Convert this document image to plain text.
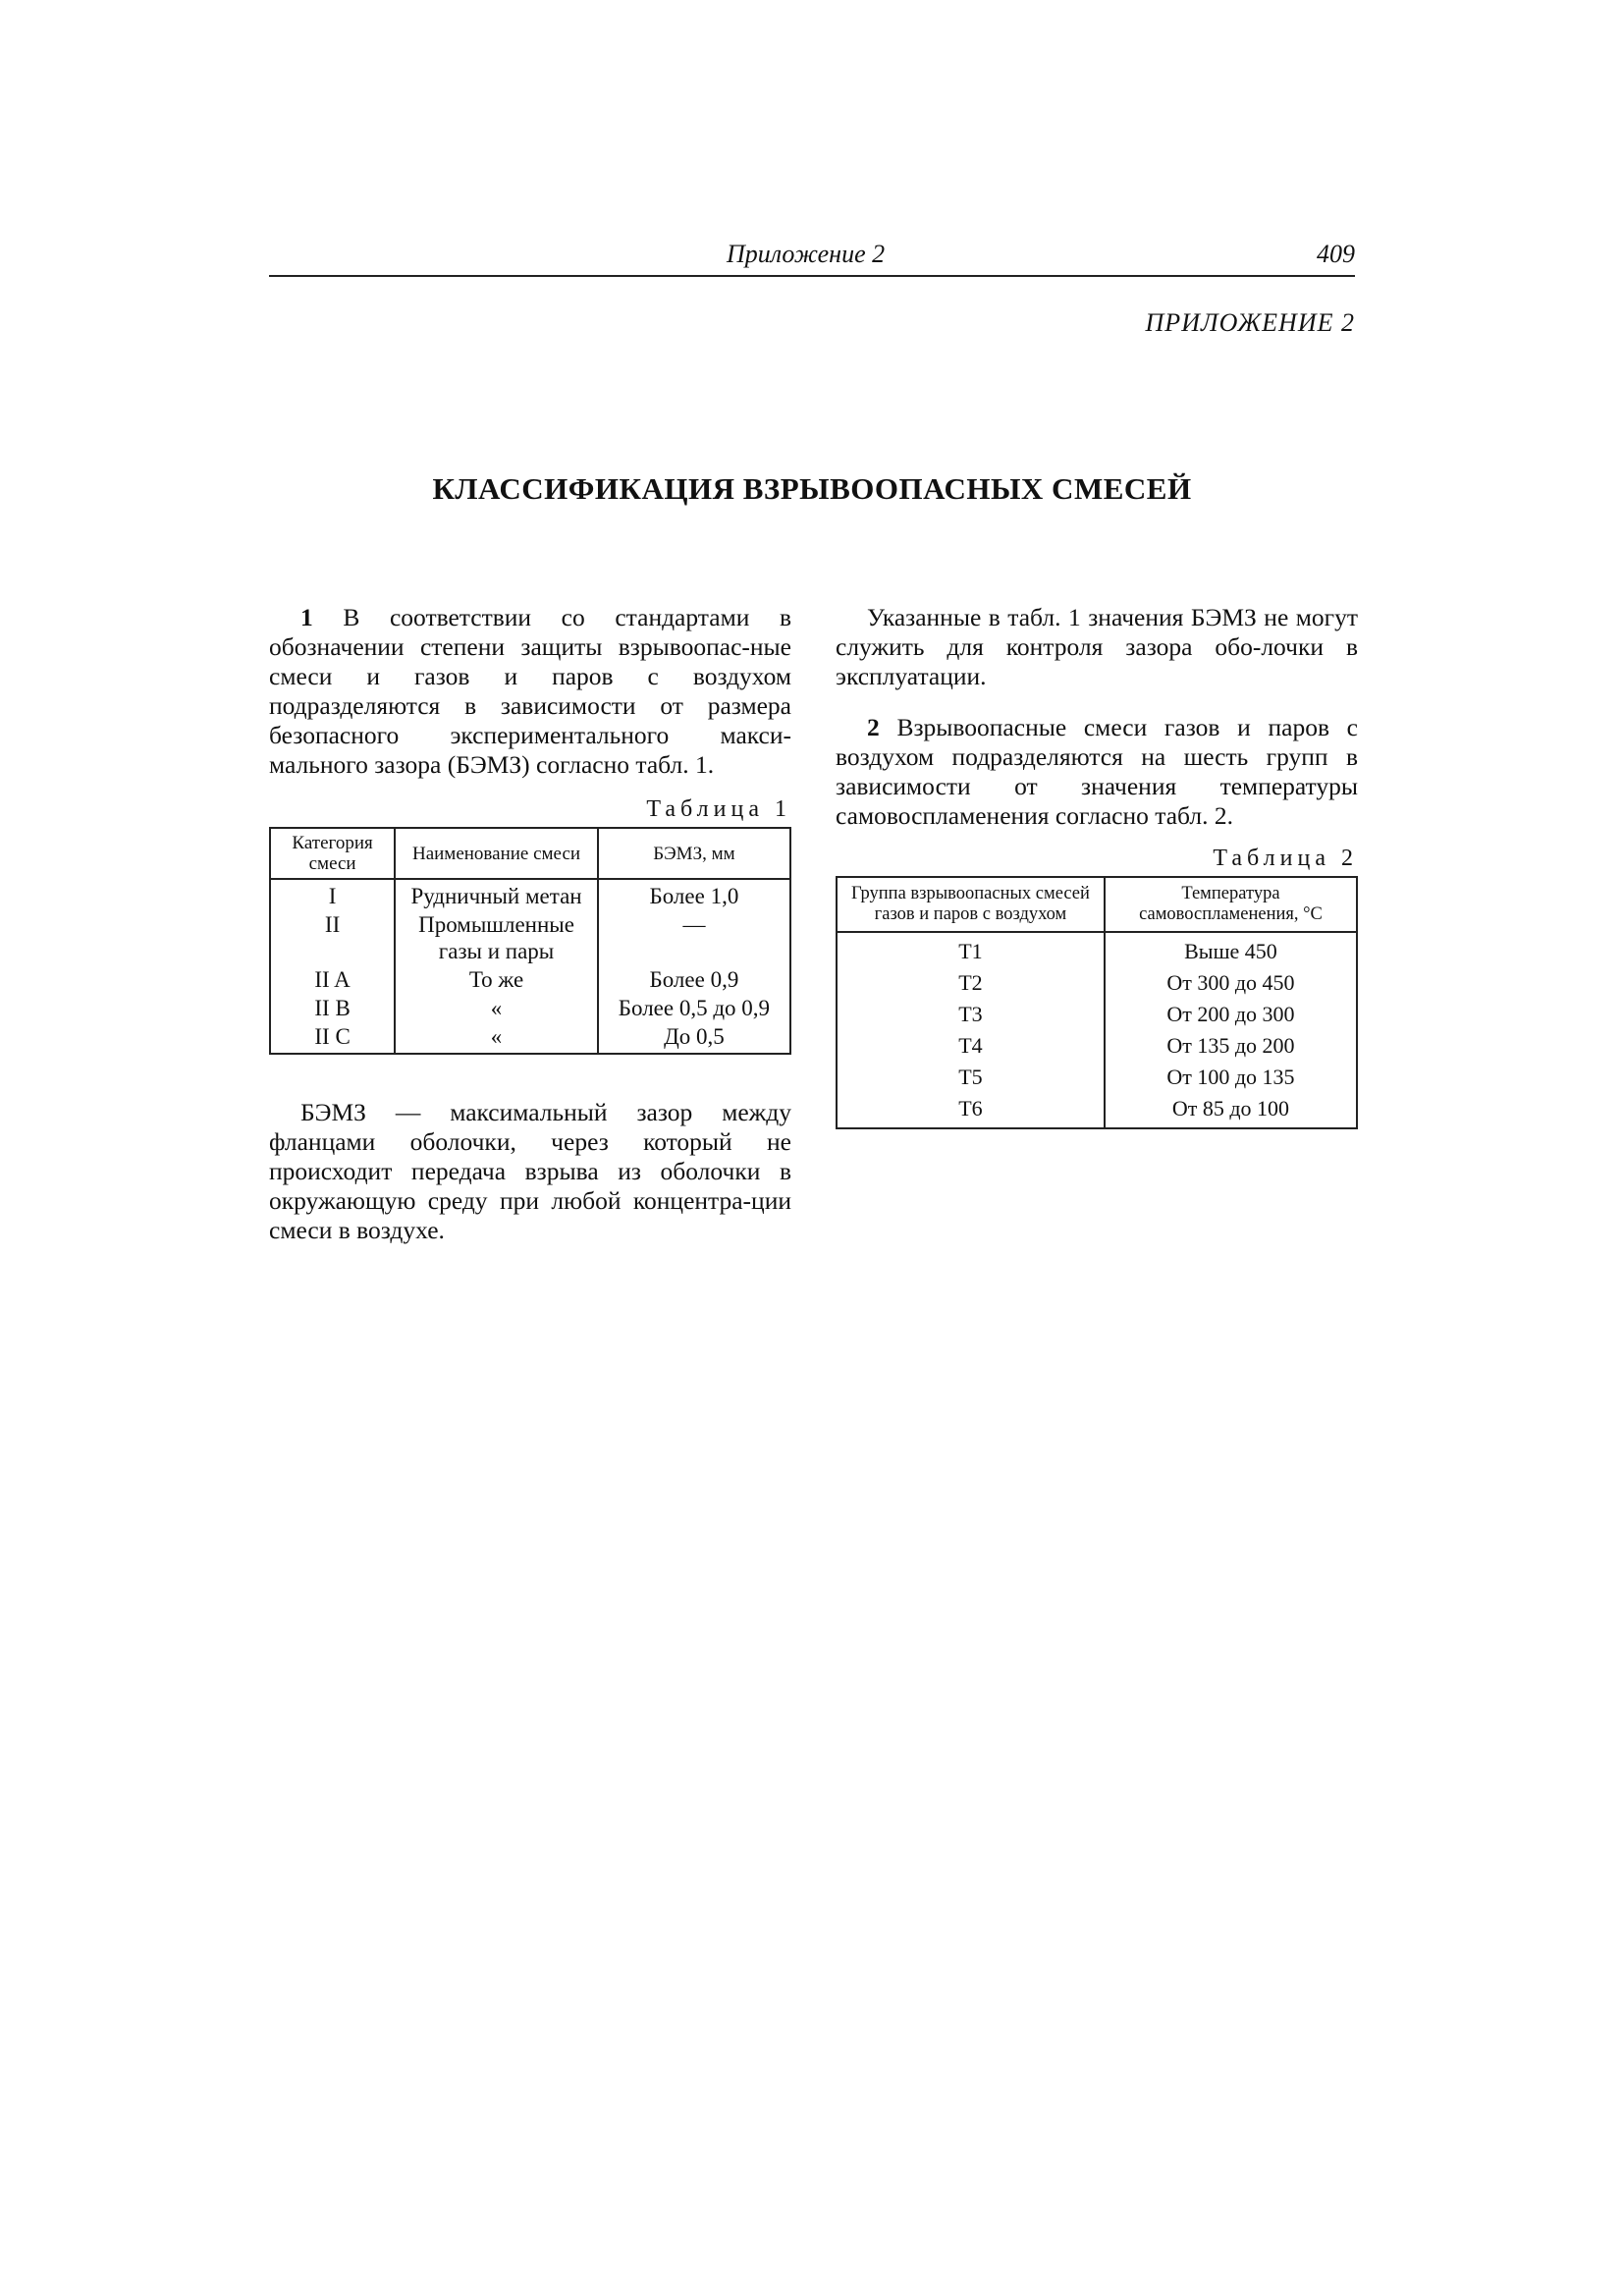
Приложение 2	409
ПРИЛОЖЕНИЕ 2
КЛАССИФИКАЦИЯ ВЗРЫВООПАСНЫХ СМЕСЕЙ

1 В соответствии со стандартами в обозначении степени защиты взрывоопас-ные смеси и газов и паров с воздухом подразделяются в зависимости от размера безопасного экспериментального макси-мального зазора (БЭМЗ) согласно табл. 1.

Таблица 1
Категория смеси	Наименование смеси	БЭМЗ, мм
I	Рудничный метан	Более 1,0
II	Промышленные газы и пары	—
II A	То же	Более 0,9
II B	«	Более 0,5 до 0,9
II C	«	До 0,5

БЭМЗ — максимальный зазор между фланцами оболочки, через который не происходит передача взрыва из оболочки в окружающую среду при любой концентра-ции смеси в воздухе.

Указанные в табл. 1 значения БЭМЗ не могут служить для контроля зазора обо-лочки в эксплуатации.

2 Взрывоопасные смеси газов и паров с воздухом подразделяются на шесть групп в зависимости от значения температуры самовоспламенения согласно табл. 2.

Таблица 2
Группа взрывоопасных смесей газов и паров с воздухом	Температура самовоспламенения, °С
T1	Выше 450
T2	От 300 до 450
T3	От 200 до 300
T4	От 135 до 200
T5	От 100 до 135
T6	От 85 до 100
